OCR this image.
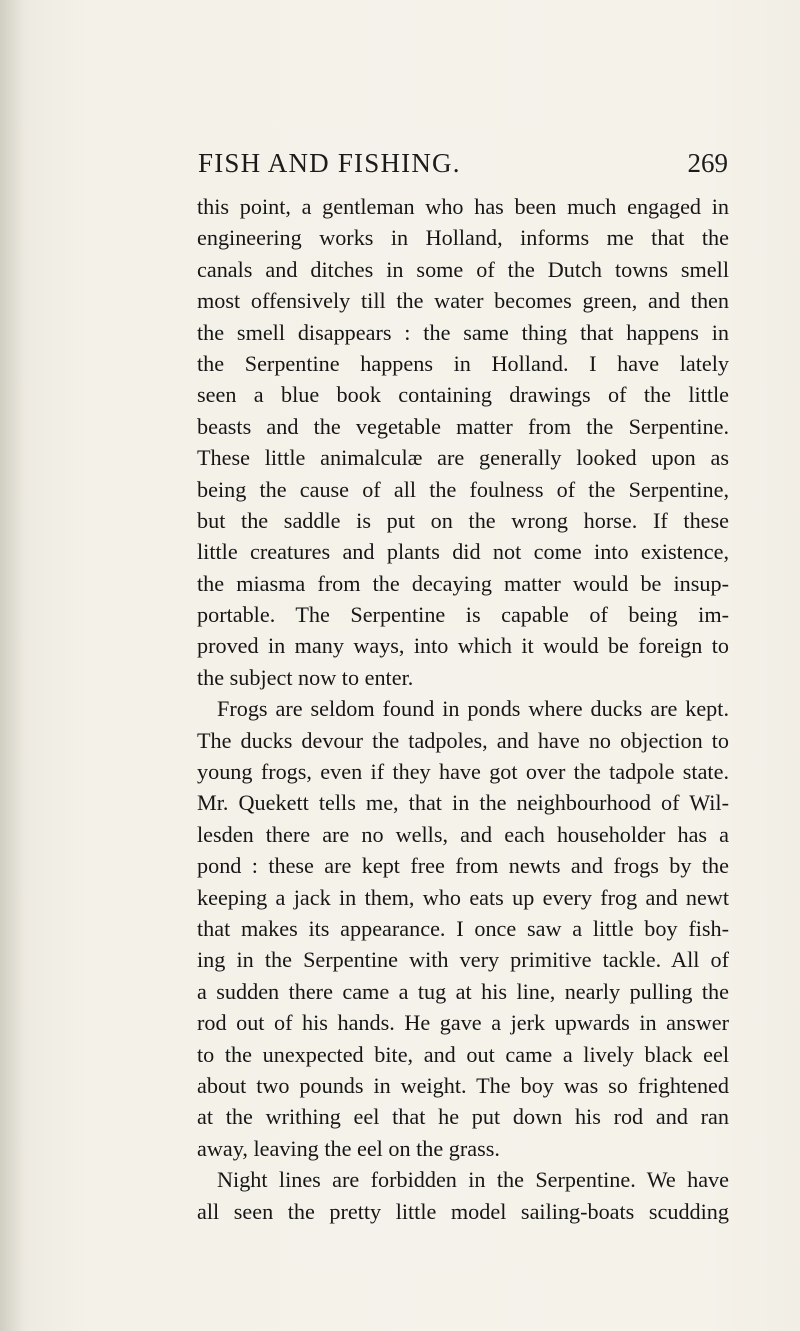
FISH AND FISHING.	269
this point, a gentleman who has been much engaged in
engineering works in Holland, informs me that the
canals and ditches in some of the Dutch towns smell
most offensively till the water becomes green, and then
the smell disappears : the same thing that happens in
the Serpentine happens in Holland. I have lately
seen a blue book containing drawings of the little
beasts and the vegetable matter from the Serpentine.
These little animalculæ are generally looked upon as
being the cause of all the foulness of the Serpentine,
but the saddle is put on the wrong horse. If these
little creatures and plants did not come into existence,
the miasma from the decaying matter would be insup-
portable. The Serpentine is capable of being im-
proved in many ways, into which it would be foreign to
the subject now to enter.
Frogs are seldom found in ponds where ducks are kept.
The ducks devour the tadpoles, and have no objection to
young frogs, even if they have got over the tadpole state.
Mr. Quekett tells me, that in the neighbourhood of Wil-
lesden there are no wells, and each householder has a
pond : these are kept free from newts and frogs by the
keeping a jack in them, who eats up every frog and newt
that makes its appearance. I once saw a little boy fish-
ing in the Serpentine with very primitive tackle. All of
a sudden there came a tug at his line, nearly pulling the
rod out of his hands. He gave a jerk upwards in answer
to the unexpected bite, and out came a lively black eel
about two pounds in weight. The boy was so frightened
at the writhing eel that he put down his rod and ran
away, leaving the eel on the grass.
Night lines are forbidden in the Serpentine. We have
all seen the pretty little model sailing-boats scudding
